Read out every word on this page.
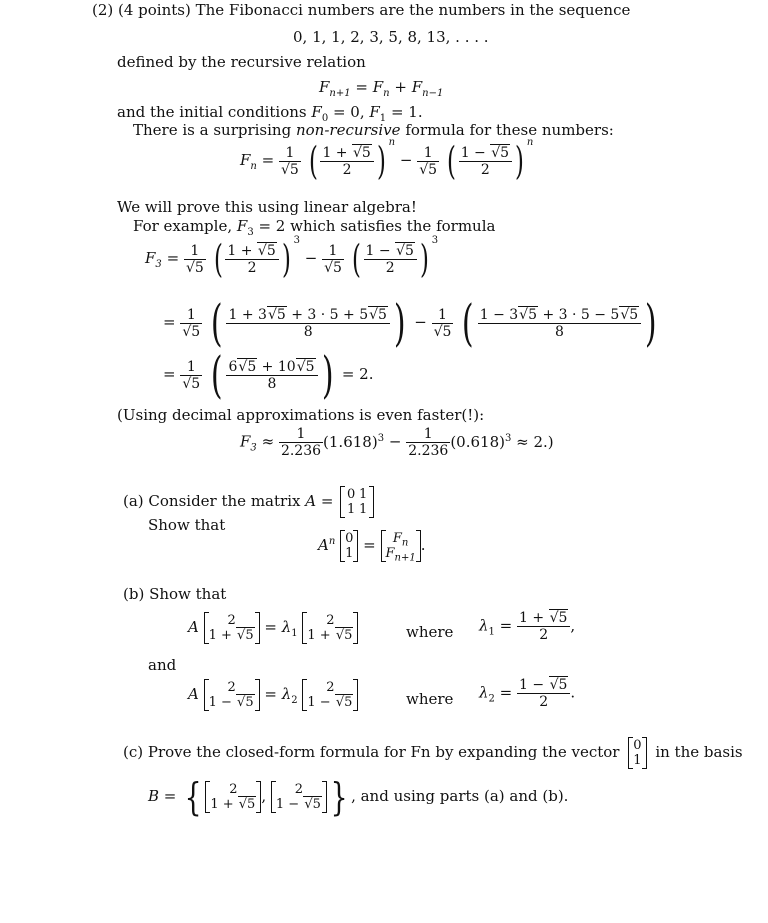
(2) (4 points) The Fibonacci numbers are the numbers in the sequence
0, 1, 1, 2, 3, 5, 8, 13, . . . .
defined by the recursive relation
$F_{n+1} = F_n + F_{n-1}$
and the initial conditions $F_0 = 0$, $F_1 = 1$.
There is a surprising non-recursive formula for these numbers:
$F_n = \frac{1}{√5}$ ( $\frac{1 + √5}{2}$ ) $^n - \frac{1}{√5}$ ( $\frac{1 - √5}{2}$ ) $^n$
We will prove this using linear algebra!
For example, $F_3 = 2$ which satisfies the formula
$F_3 = \frac{1}{√5}$ ( $\frac{1 + √5}{2}$ ) $^3 - \frac{1}{√5}$ ( $\frac{1 - √5}{2}$ ) $^3$
= $\frac{1}{√5}$ ( $\frac{1 + 3√5 + 3 \cdot 5 + 5√5}{8}$ ) − $\frac{1}{√5}$ ( $\frac{1 - 3√5 + 3 \cdot 5 - 5√5}{8}$ )
= $\frac{1}{√5}$ ( $\frac{6√5 + 10√5}{8}$ ) = 2.
(Using decimal approximations is even faster(!):
$F_3 \approx \frac{1}{2.236} (1.618)^3 - \frac{1}{2.236} (0.618)^3 \approx 2$.)
(a) Consider the matrix A = 0 1
1 1
Show that
$A^n$ 0
1 =	$F_n$
$F_{n+1}$
.
(b) Show that
A	2
$1 + √5 = \lambda_1$
2
1 + √5	where $\lambda_1 = \frac{1 + √5}{2}$ ,
and
A	2
$1 - √5 = \lambda_2$
2
1 − √5	where $\lambda_2 = \frac{1 - √5}{2}$ .
(c) Prove the closed-form formula for Fn by expanding the vector 0
1 in the basis
B = {	2
1 + √5 ,	2
1 − √5 } , and using parts (a) and (b).
